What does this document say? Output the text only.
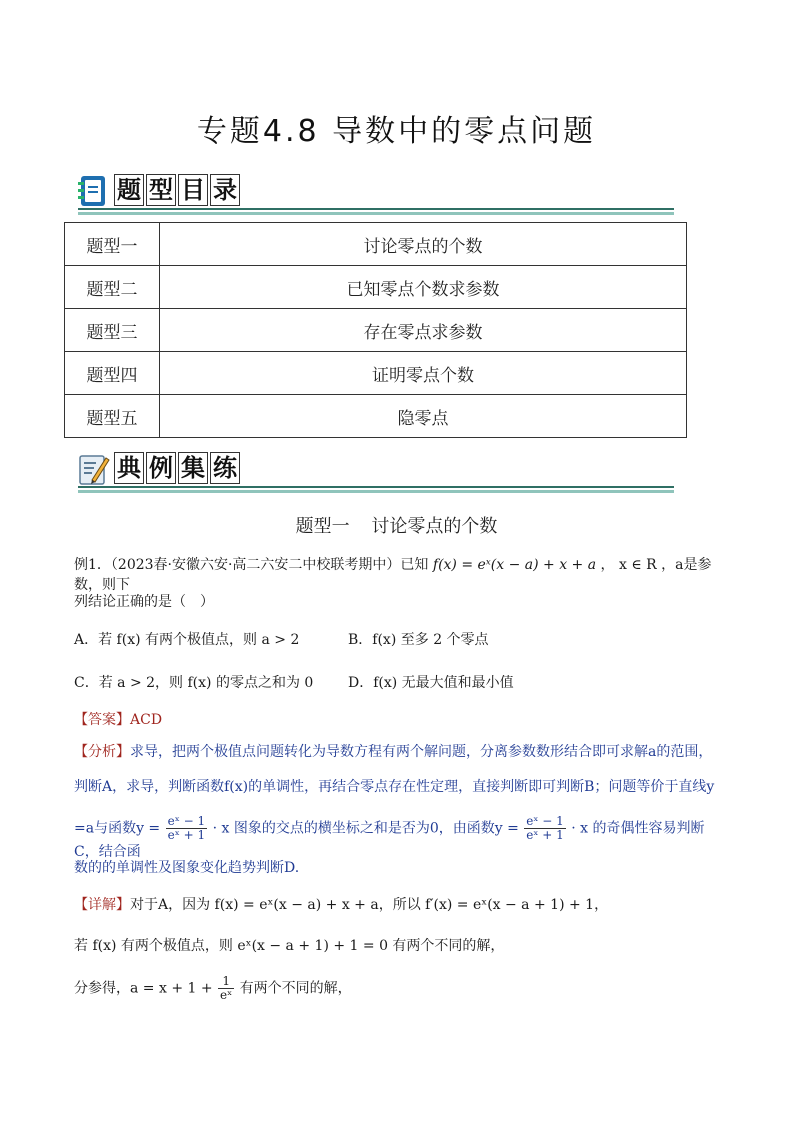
专题4.8 导数中的零点问题
题 型 目 录
题型一	讨论零点的个数
题型二	已知零点个数求参数
题型三	存在零点求参数
题型四	证明零点个数
题型五	隐零点
典 例 集 练
题型一 讨论零点的个数
例1．（2023春·安徽六安·高二六安二中校联考期中）已知 f(x) = eˣ(x − a) + x + a ， x ∈ R ，a是参数，则下
列结论正确的是（　）
A．若 f(x) 有两个极值点，则 a > 2	B．f(x) 至多 2 个零点
C．若 a > 2，则 f(x) 的零点之和为 0	D．f(x) 无最大值和最小值
【答案】ACD
【分析】求导，把两个极值点问题转化为导数方程有两个解问题，分离参数数形结合即可求解a的范围，
判断A，求导，判断函数f(x)的单调性，再结合零点存在性定理，直接判断即可判断B；问题等价于直线y
=a与函数$y = \frac{\text{eˣ − 1}}{\text{eˣ + 1}} \cdot x$ 图象的交点的横坐标之和是否为0，由函数$y = \frac{\text{eˣ − 1}}{\text{eˣ + 1}} \cdot x$ 的奇偶性容易判断C，结合函
数的的单调性及图象变化趋势判断D.
【详解】对于A，因为 f(x) = eˣ(x − a) + x + a，所以 f′(x) = eˣ(x − a + 1) + 1，
若 f(x) 有两个极值点，则 eˣ(x − a + 1) + 1 = 0 有两个不同的解，
分参得，$a = x + 1 + \frac{1}{\text{eˣ}}$ 有两个不同的解，
